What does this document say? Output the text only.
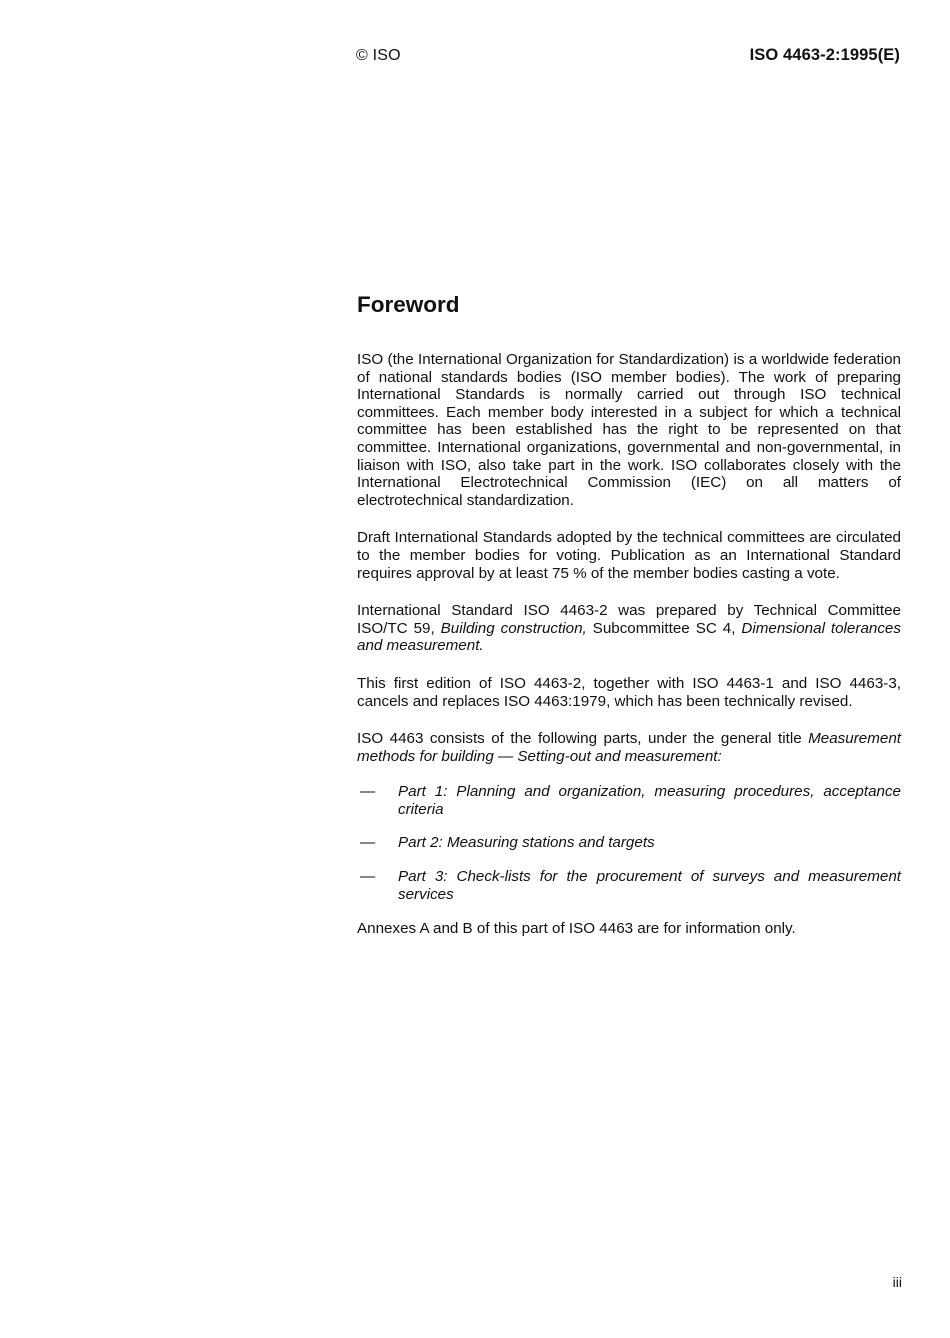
© ISO	ISO 4463-2:1995(E)
Foreword

ISO (the International Organization for Standardization) is a worldwide federation of national standards bodies (ISO member bodies). The work of preparing International Standards is normally carried out through ISO technical committees. Each member body interested in a subject for which a technical committee has been established has the right to be represented on that committee. International organizations, governmental and non-governmental, in liaison with ISO, also take part in the work. ISO collaborates closely with the International Electrotechnical Commission (IEC) on all matters of electrotechnical standardization.

Draft International Standards adopted by the technical committees are circulated to the member bodies for voting. Publication as an International Standard requires approval by at least 75 % of the member bodies casting a vote.

International Standard ISO 4463-2 was prepared by Technical Committee ISO/TC 59, Building construction, Subcommittee SC 4, Dimensional tolerances and measurement.

This first edition of ISO 4463-2, together with ISO 4463-1 and ISO 4463-3, cancels and replaces ISO 4463:1979, which has been technically revised.

ISO 4463 consists of the following parts, under the general title Measurement methods for building — Setting-out and measurement:

— Part 1: Planning and organization, measuring procedures, acceptance criteria
— Part 2: Measuring stations and targets
— Part 3: Check-lists for the procurement of surveys and measurement services

Annexes A and B of this part of ISO 4463 are for information only.

iii
